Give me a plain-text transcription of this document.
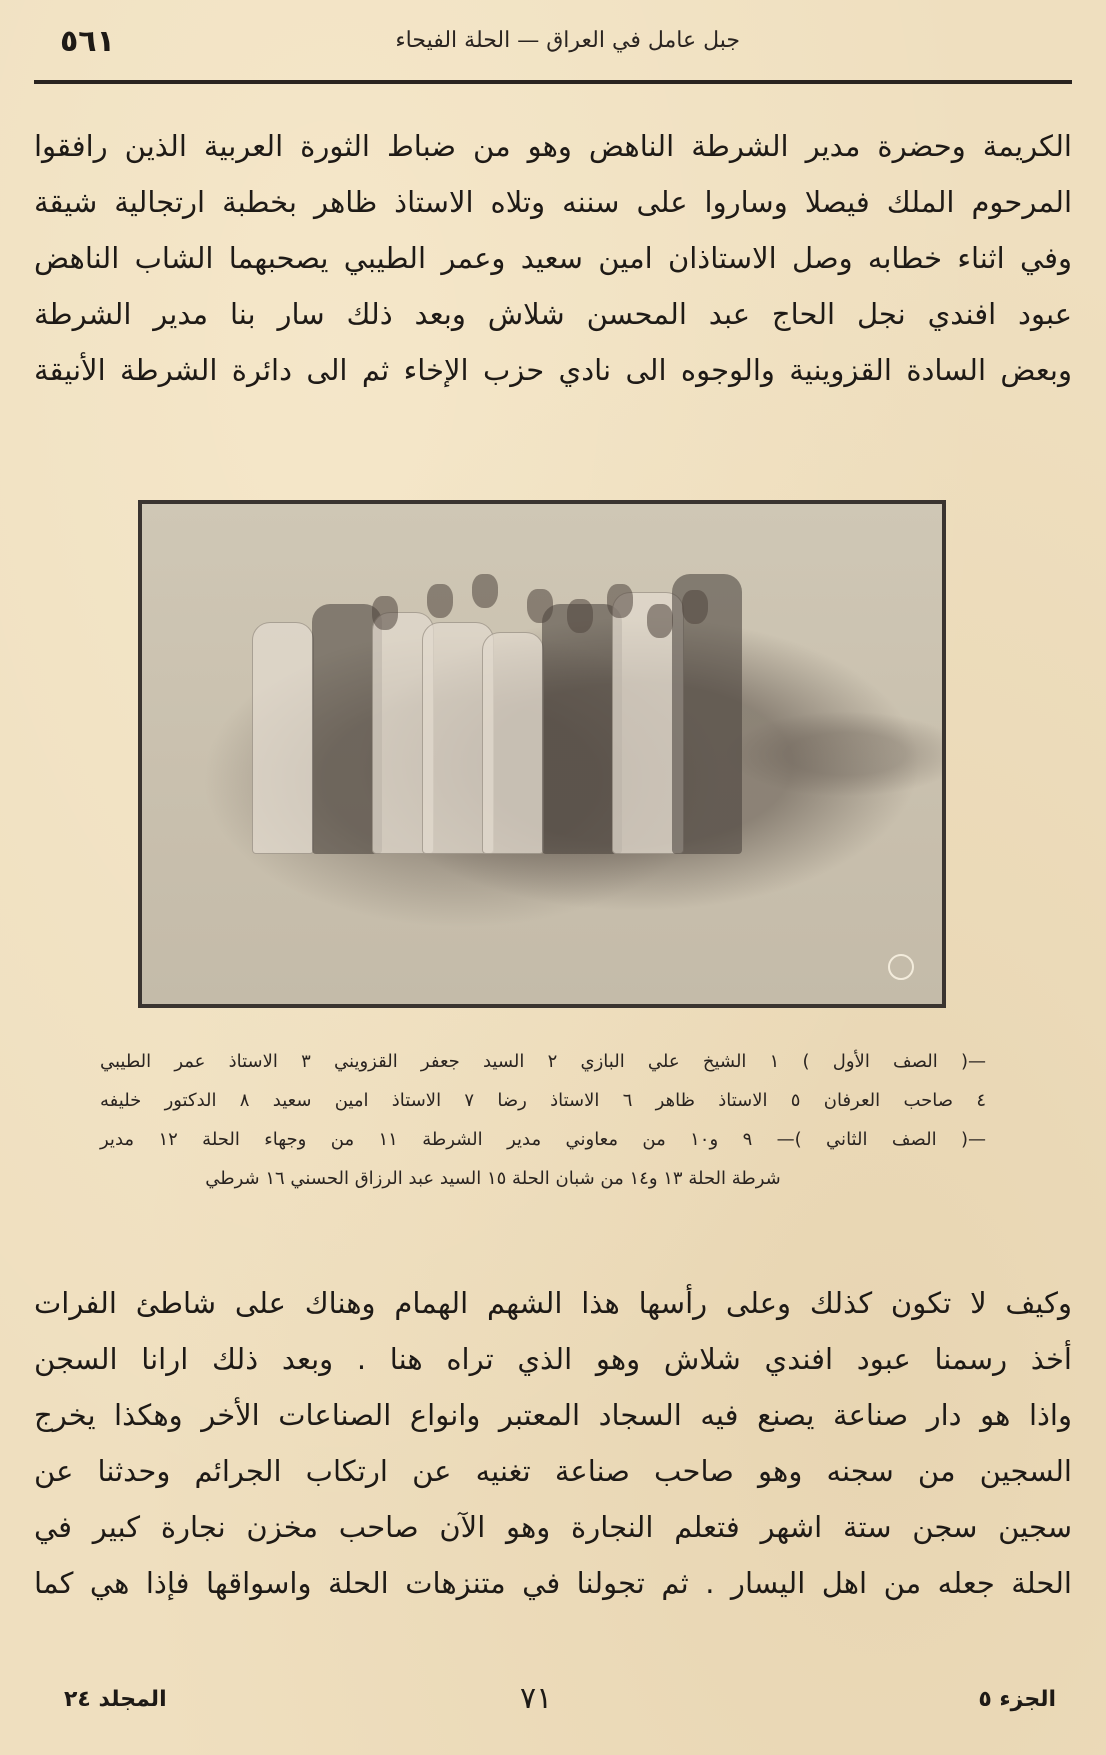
جبل عامل في العراق — الحلة الفيحاء
٥٦١
الكريمة وحضرة مدير الشرطة الناهض وهو من ضباط الثورة العربية الذين رافقوا
المرحوم الملك فيصلا وساروا على سننه وتلاه الاستاذ ظاهر بخطبة ارتجالية شيقة
وفي اثناء خطابه وصل الاستاذان امين سعيد وعمر الطيبي يصحبهما الشاب الناهض
عبود افندي نجل الحاج عبد المحسن شلاش وبعد ذلك سار بنا مدير الشرطة
وبعض السادة القزوينية والوجوه الى نادي حزب الإخاء ثم الى دائرة الشرطة الأنيقة
—( الصف الأول ) ١ الشيخ علي البازي ٢ السيد جعفر القزويني ٣ الاستاذ عمر الطيبي
٤ صاحب العرفان ٥ الاستاذ ظاهر ٦ الاستاذ رضا ٧ الاستاذ امين سعيد ٨ الدكتور خليفه
—( الصف الثاني )— ٩ و١٠ من معاوني مدير الشرطة ١١ من وجهاء الحلة ١٢ مدير
شرطة الحلة ١٣ و١٤ من شبان الحلة ١٥ السيد عبد الرزاق الحسني ١٦ شرطي
وكيف لا تكون كذلك وعلى رأسها هذا الشهم الهمام وهناك على شاطئ الفرات
أخذ رسمنا عبود افندي شلاش وهو الذي تراه هنا . وبعد ذلك ارانا السجن
واذا هو دار صناعة يصنع فيه السجاد المعتبر وانواع الصناعات الأخر وهكذا يخرج
السجين من سجنه وهو صاحب صناعة تغنيه عن ارتكاب الجرائم وحدثنا عن
سجين سجن ستة اشهر فتعلم النجارة وهو الآن صاحب مخزن نجارة كبير في
الحلة جعله من اهل اليسار . ثم تجولنا في متنزهات الحلة واسواقها فإذا هي كما
الجزء ٥
٧١
المجلد ٢٤
